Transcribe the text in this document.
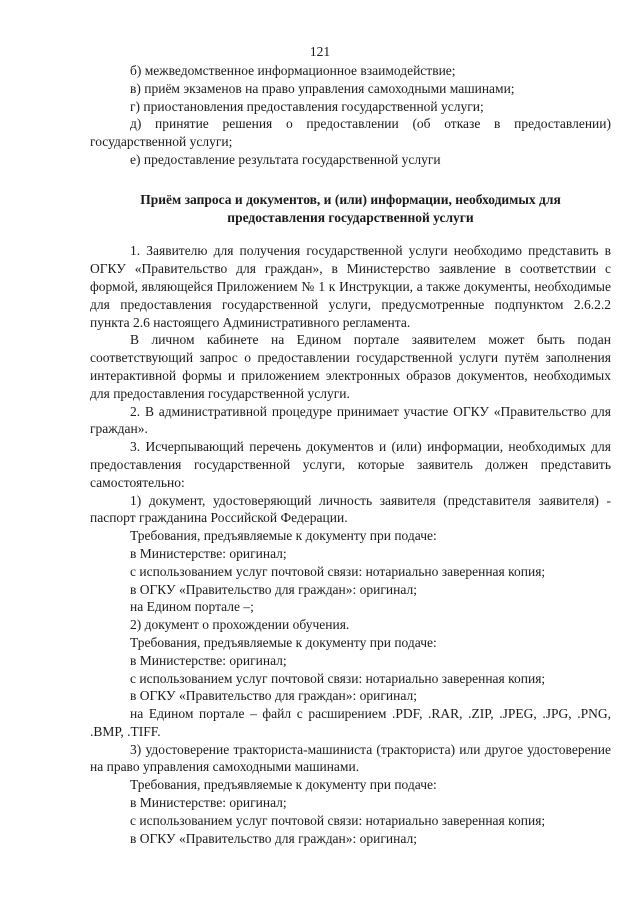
121

б) межведомственное информационное взаимодействие;

в) приём экзаменов на право управления самоходными машинами;

г) приостановления предоставления государственной услуги;

д) принятие решения о предоставлении (об отказе в предоставлении) государственной услуги;

е) предоставление результата государственной услуги

Приём запроса и документов, и (или) информации, необходимых для предоставления государственной услуги

1. Заявителю для получения государственной услуги необходимо представить в ОГКУ «Правительство для граждан», в Министерство заявление в соответствии с формой, являющейся Приложением № 1 к Инструкции, а также документы, необходимые для предоставления государственной услуги, предусмотренные подпунктом 2.6.2.2 пункта 2.6 настоящего Административного регламента.

В личном кабинете на Едином портале заявителем может быть подан соответствующий запрос о предоставлении государственной услуги путём заполнения интерактивной формы и приложением электронных образов документов, необходимых для предоставления государственной услуги.

2. В административной процедуре принимает участие ОГКУ «Правительство для граждан».

3. Исчерпывающий перечень документов и (или) информации, необходимых для предоставления государственной услуги, которые заявитель должен представить самостоятельно:

1) документ, удостоверяющий личность заявителя (представителя заявителя) - паспорт гражданина Российской Федерации.

Требования, предъявляемые к документу при подаче:

в Министерстве: оригинал;

с использованием услуг почтовой связи: нотариально заверенная копия;

в ОГКУ «Правительство для граждан»: оригинал;

на Едином портале –;

2) документ о прохождении обучения.

Требования, предъявляемые к документу при подаче:

в Министерстве: оригинал;

с использованием услуг почтовой связи: нотариально заверенная копия;

в ОГКУ «Правительство для граждан»: оригинал;

на Едином портале – файл с расширением .PDF, .RAR, .ZIP, .JPEG, .JPG, .PNG, .BMP, .TIFF.

3) удостоверение тракториста-машиниста (тракториста) или другое удостоверение на право управления самоходными машинами.

Требования, предъявляемые к документу при подаче:

в Министерстве: оригинал;

с использованием услуг почтовой связи: нотариально заверенная копия;

в ОГКУ «Правительство для граждан»: оригинал;
